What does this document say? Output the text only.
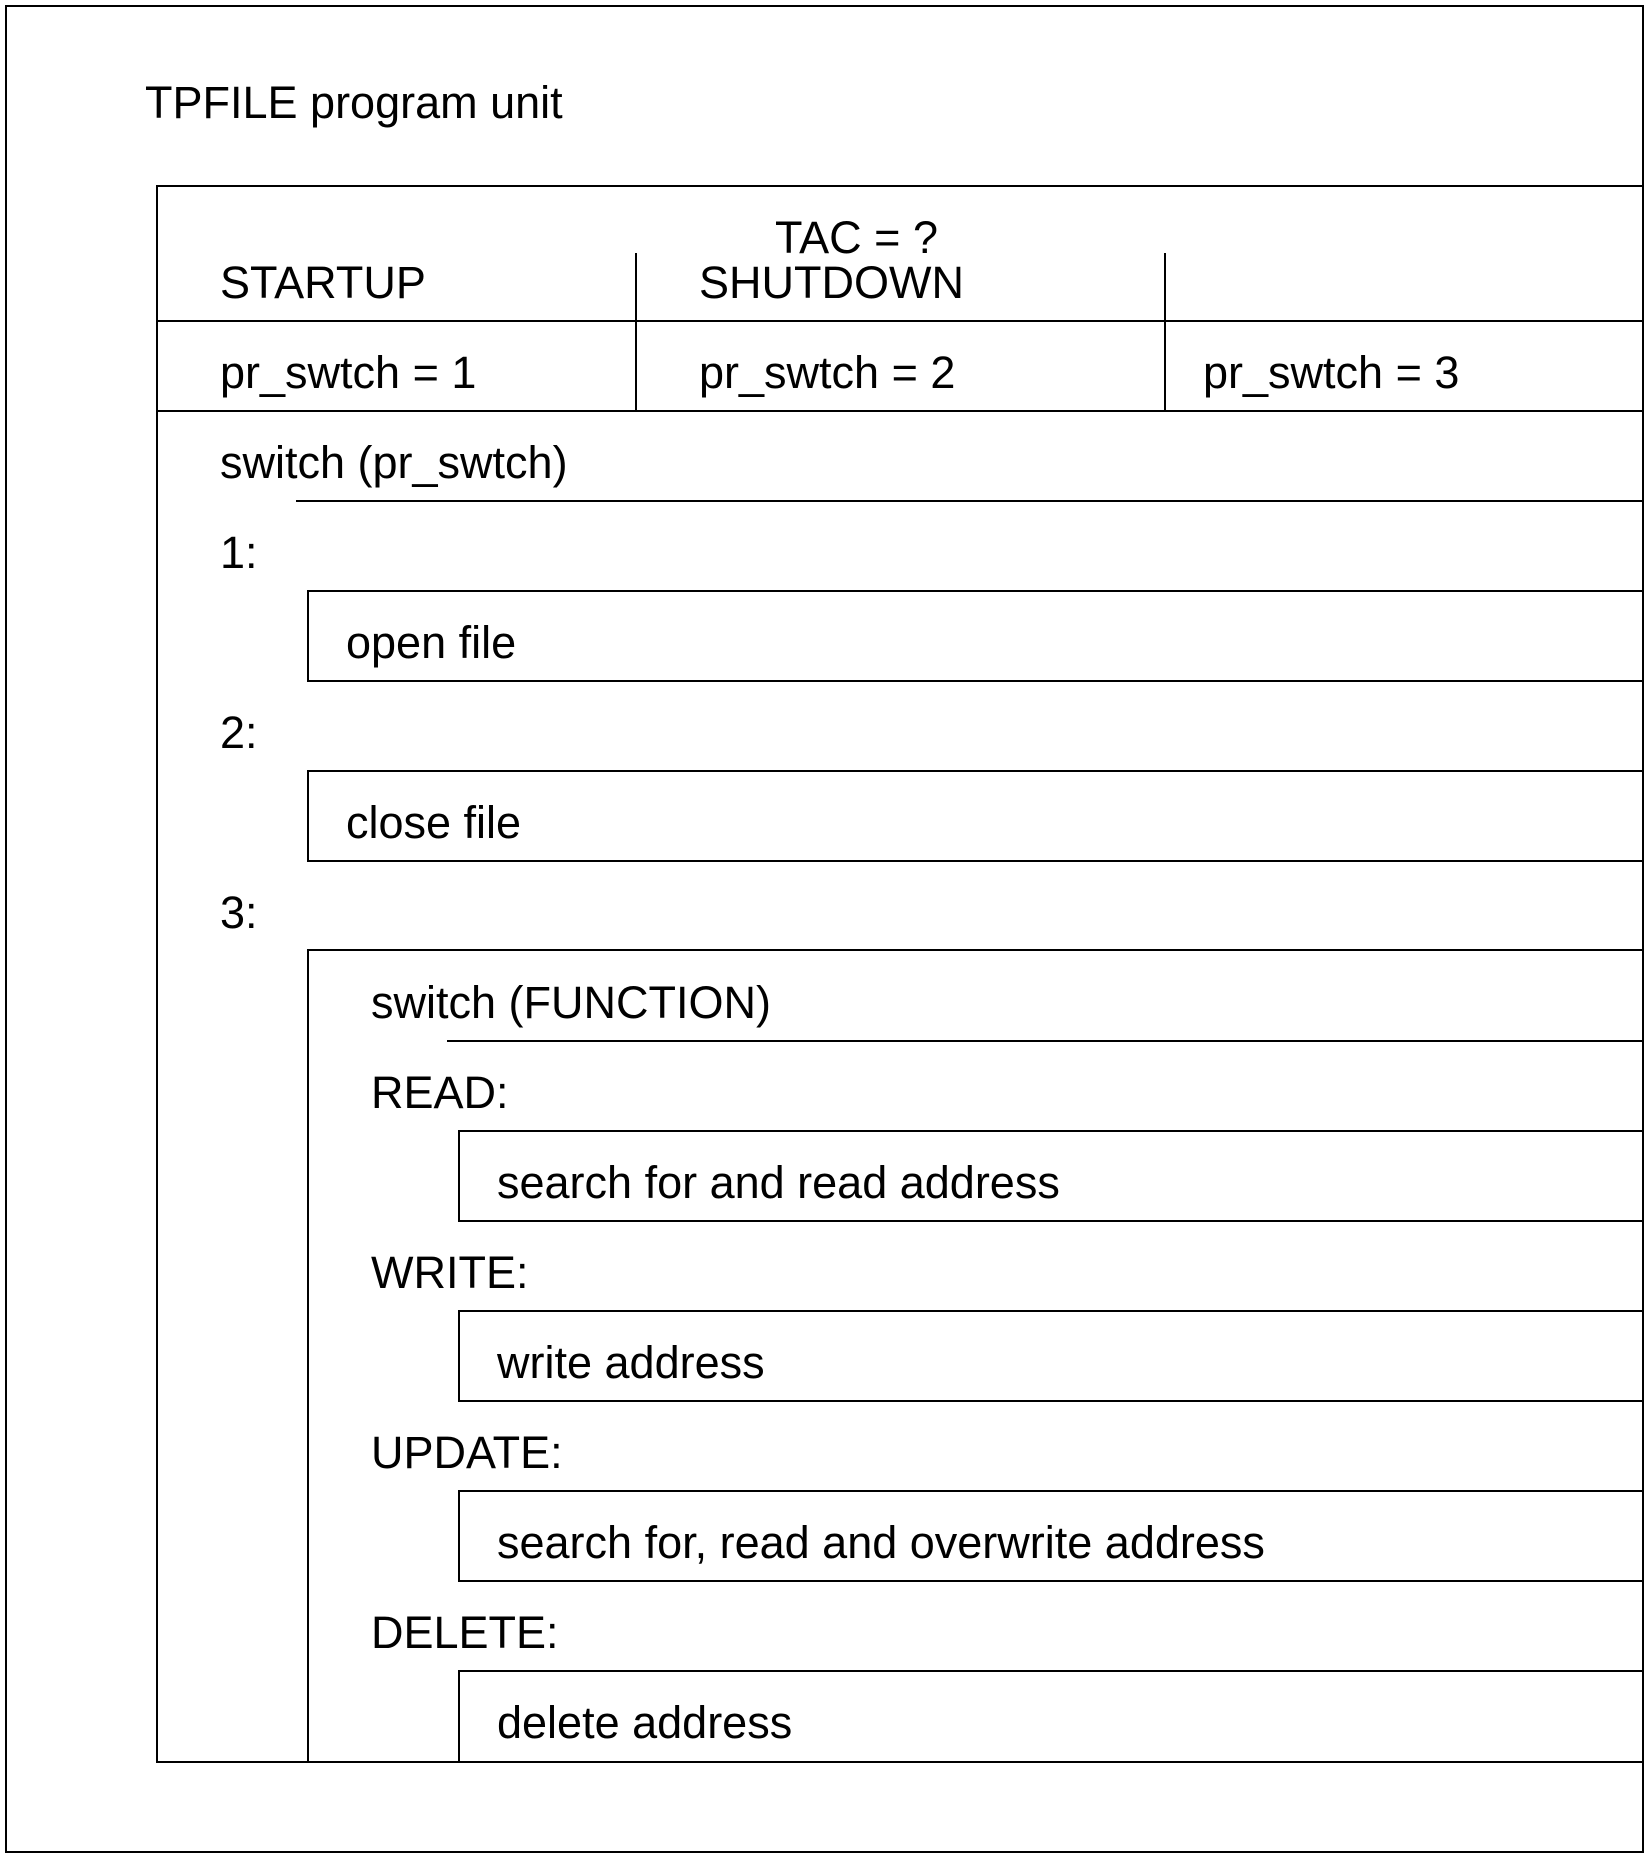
TPFILE program unit
TAC = ?
STARTUP	SHUTDOWN
pr_swtch = 1	pr_swtch = 2	pr_swtch = 3
switch (pr_swtch)
1:
open file
2:
close file
3:
switch (FUNCTION)
READ:
search for and read address
WRITE:
write address
UPDATE:
search for, read and overwrite address
DELETE:
delete address
